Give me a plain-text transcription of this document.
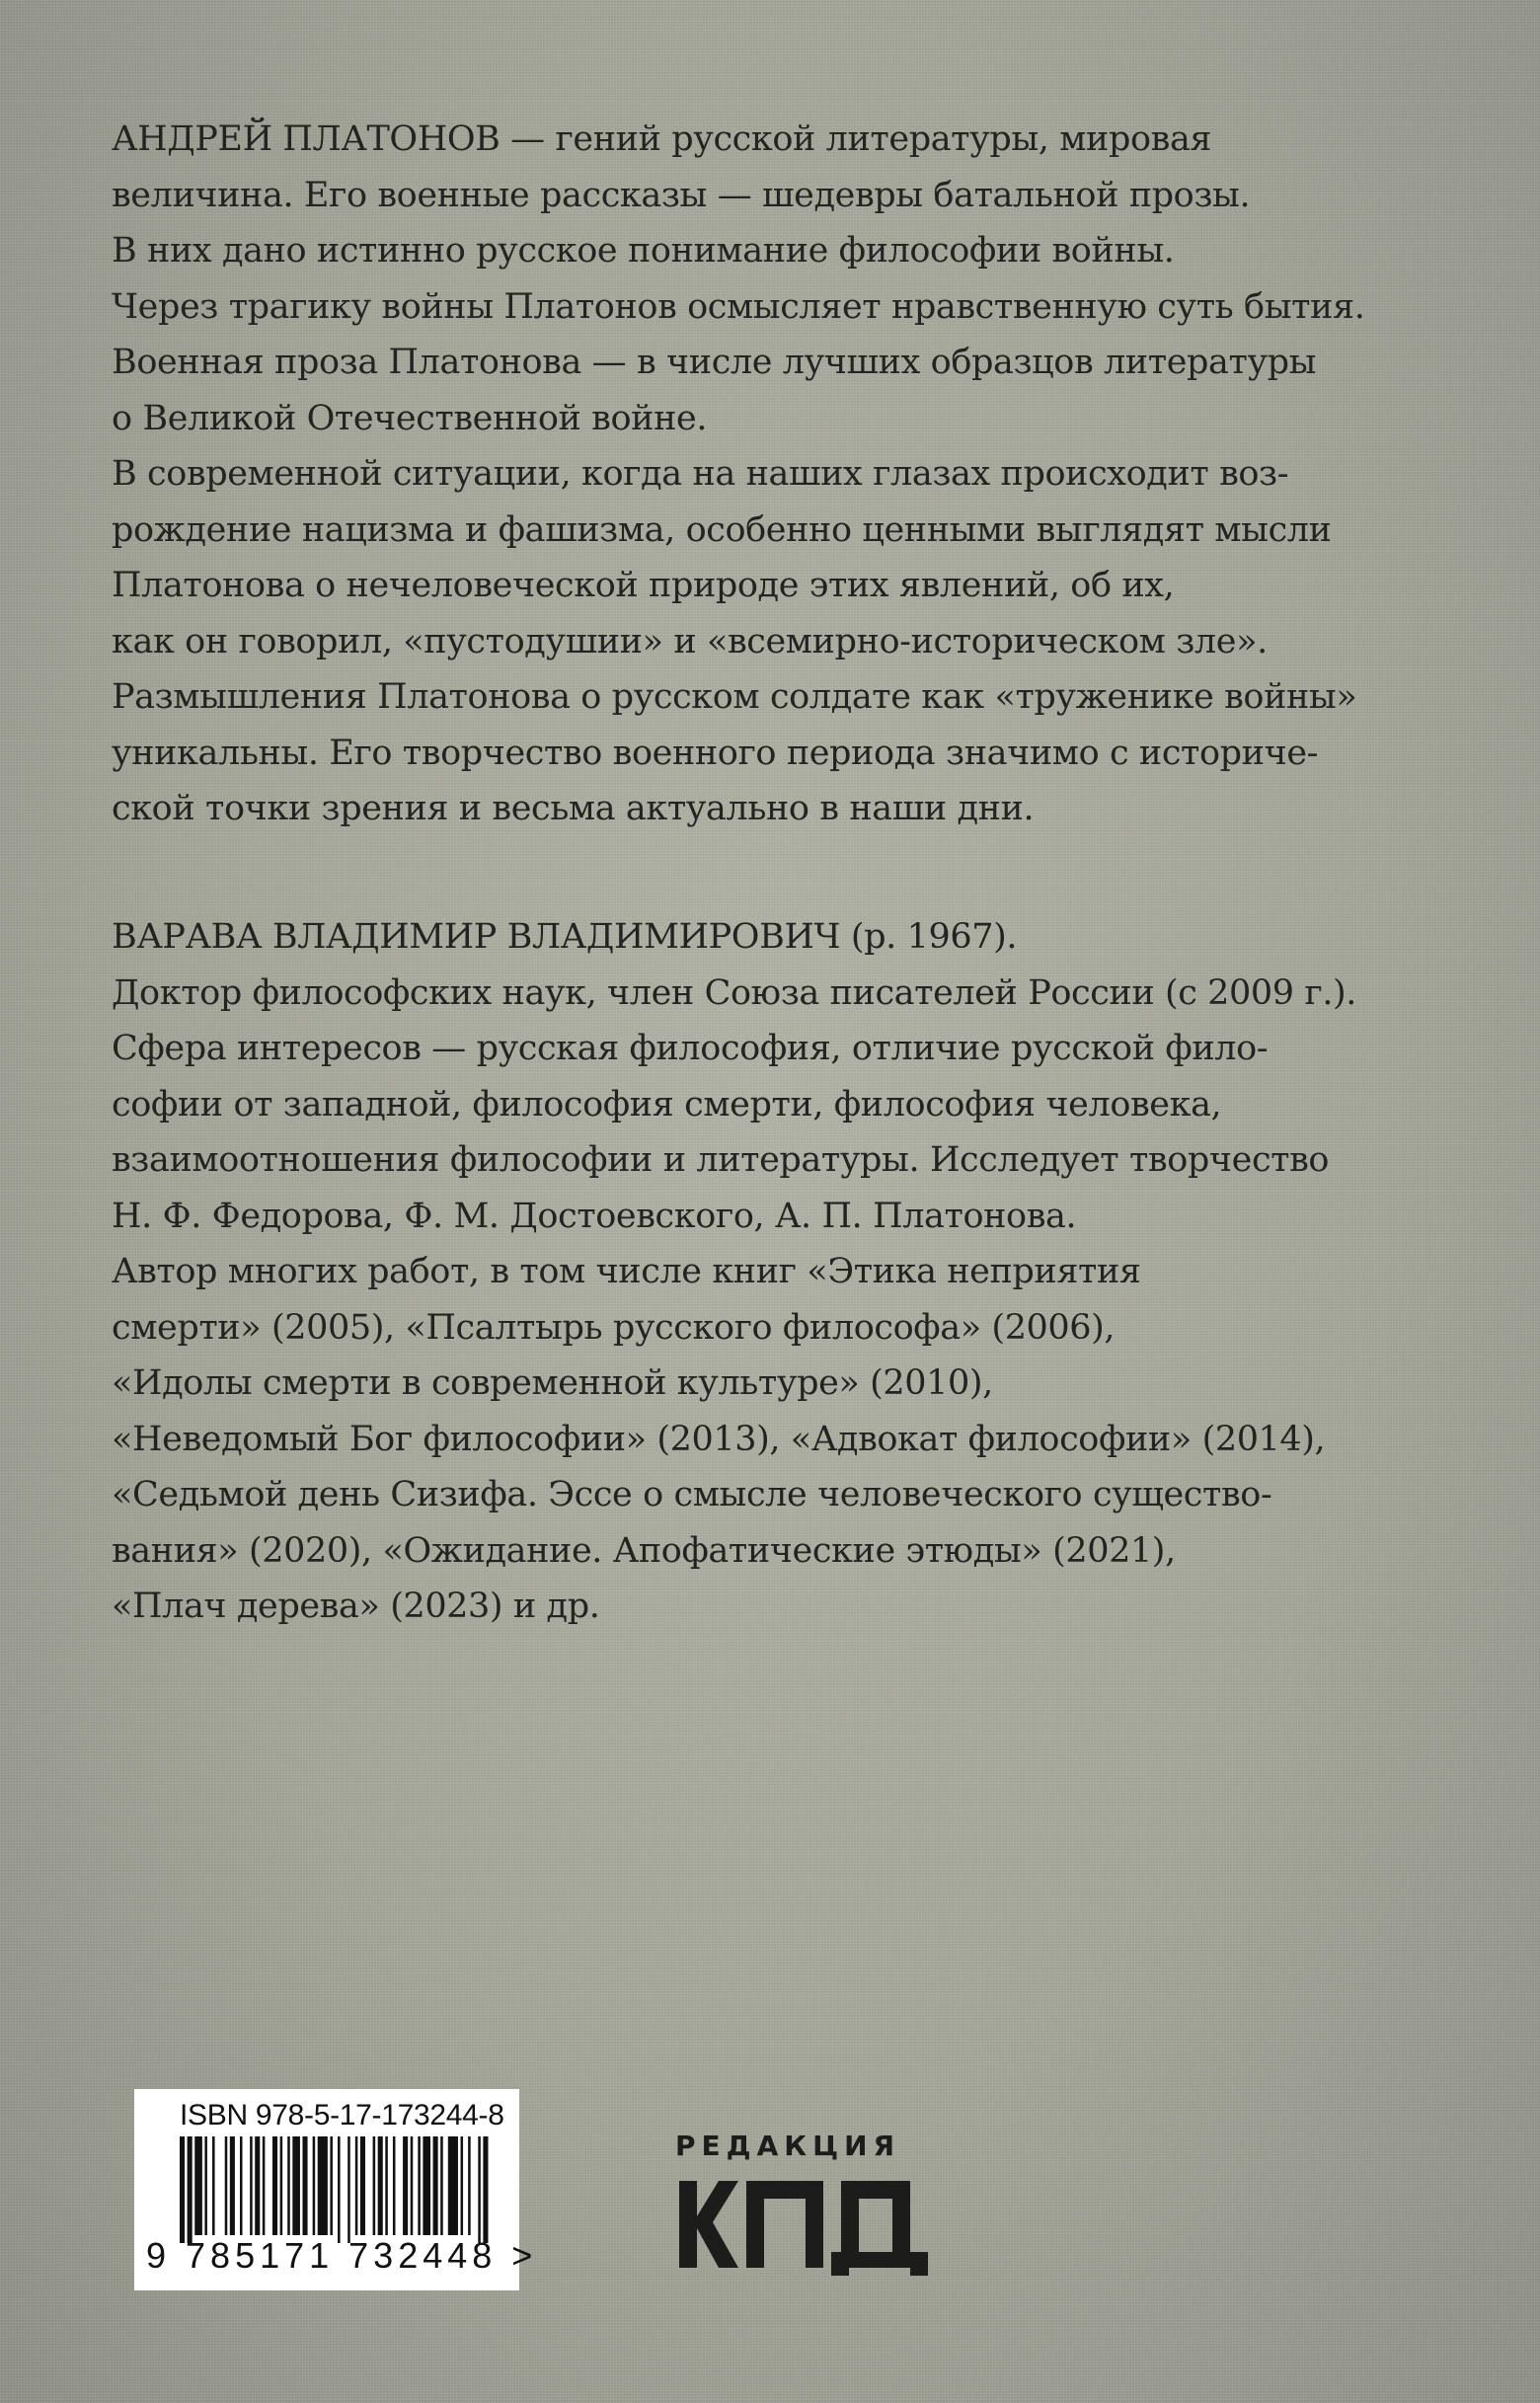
АНДРЕЙ ПЛАТОНОВ — гений русской литературы, мировая
величина. Его военные рассказы — шедевры батальной прозы.
В них дано истинно русское понимание философии войны.
Через трагику войны Платонов осмысляет нравственную суть бытия.
Военная проза Платонова — в числе лучших образцов литературы
о Великой Отечественной войне.
В современной ситуации, когда на наших глазах происходит воз-
рождение нацизма и фашизма, особенно ценными выглядят мысли
Платонова о нечеловеческой природе этих явлений, об их,
как он говорил, «пустодушии» и «всемирно-историческом зле».
Размышления Платонова о русском солдате как «труженике войны»
уникальны. Его творчество военного периода значимо с историче-
ской точки зрения и весьма актуально в наши дни.
ВАРАВА ВЛАДИМИР ВЛАДИМИРОВИЧ (р. 1967).
Доктор философских наук, член Союза писателей России (с 2009 г.).
Сфера интересов — русская философия, отличие русской фило-
софии от западной, философия смерти, философия человека,
взаимоотношения философии и литературы. Исследует творчество
Н. Ф. Федорова, Ф. М. Достоевского, А. П. Платонова.
Автор многих работ, в том числе книг «Этика неприятия
смерти» (2005), «Псалтырь русского философа» (2006),
«Идолы смерти в современной культуре» (2010),
«Неведомый Бог философии» (2013), «Адвокат философии» (2014),
«Седьмой день Сизифа. Эссе о смысле человеческого существо-
вания» (2020), «Ожидание. Апофатические этюды» (2021),
«Плач дерева» (2023) и др.
ISBN 978-5-17-173244-8
9 785171 732448 >
РЕДАКЦИЯ
